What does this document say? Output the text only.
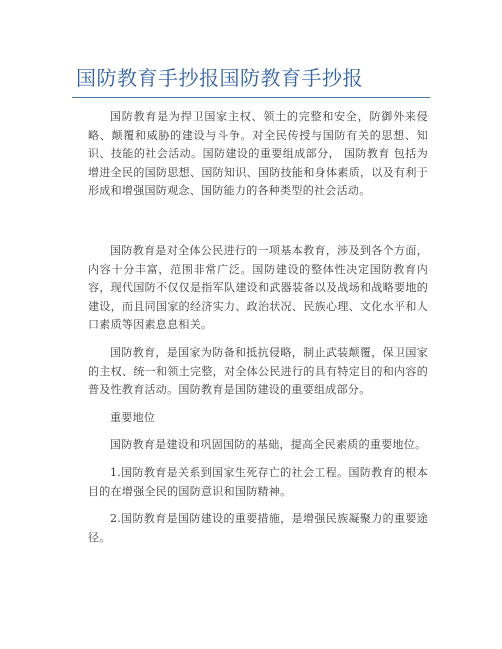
国防教育手抄报国防教育手抄报

国防教育是为捍卫国家主权、领土的完整和安全，防御外来侵略、颠覆和威胁的建设与斗争。对全民传授与国防有关的思想、知识、技能的社会活动。国防建设的重要组成部分， 国防教育 包括为增进全民的国防思想、国防知识、国防技能和身体素质，以及有利于形成和增强国防观念、国防能力的各种类型的社会活动。

国防教育是对全体公民进行的一项基本教育，涉及到各个方面，内容十分丰富，范围非常广泛。国防建设的整体性决定国防教育内容，现代国防不仅仅是指军队建设和武器装备以及战场和战略要地的建设，而且同国家的经济实力、政治状况、民族心理、文化水平和人口素质等因素息息相关。

国防教育，是国家为防备和抵抗侵略，制止武装颠覆，保卫国家的主权、统一和领土完整，对全体公民进行的具有特定目的和内容的普及性教育活动。国防教育是国防建设的重要组成部分。

重要地位

国防教育是建设和巩固国防的基础，提高全民素质的重要地位。

1.国防教育是关系到国家生死存亡的社会工程。国防教育的根本目的在增强全民的国防意识和国防精神。

2.国防教育是国防建设的重要措施，是增强民族凝聚力的重要途径。
